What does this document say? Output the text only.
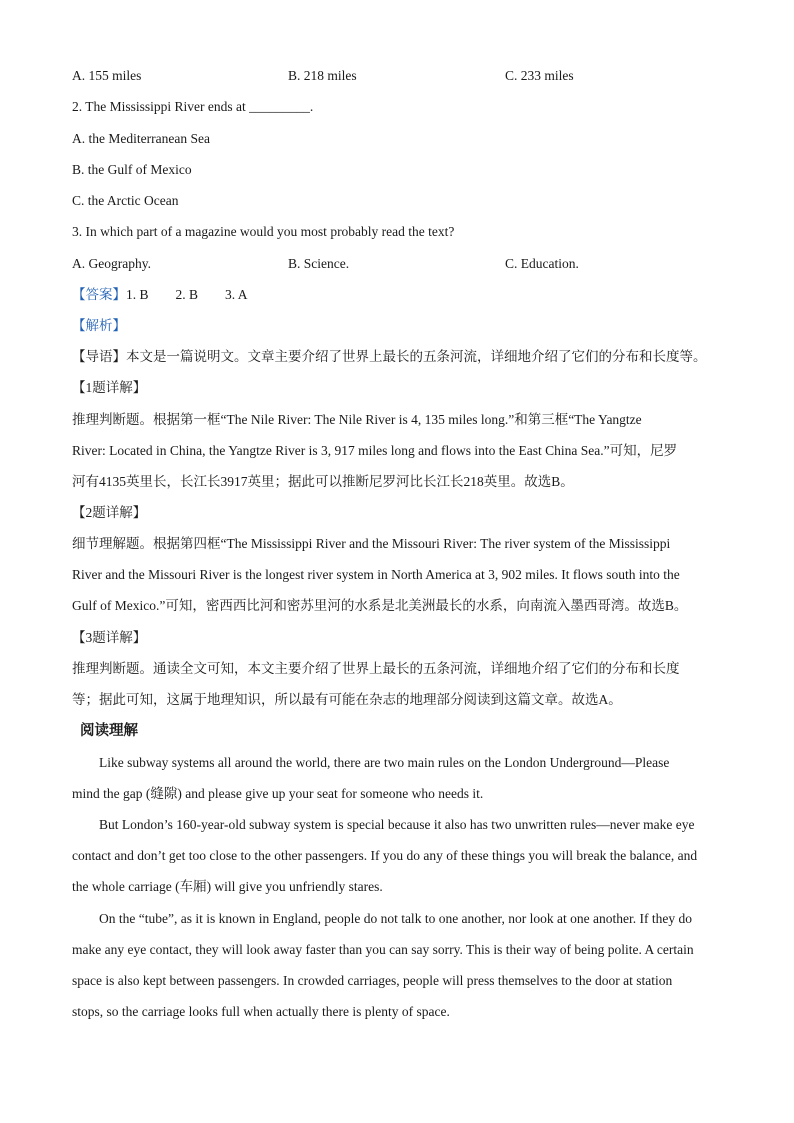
A. 155 miles	B. 218 miles	C. 233 miles
2. The Mississippi River ends at _________.
A. the Mediterranean Sea
B. the Gulf of Mexico
C. the Arctic Ocean
3. In which part of a magazine would you most probably read the text?
A. Geography.	B. Science.	C. Education.
【答案】1. B        2. B        3. A
【解析】
【导语】本文是一篇说明文。文章主要介绍了世界上最长的五条河流，详细地介绍了它们的分布和长度等。
【1题详解】
推理判断题。根据第一框“The Nile River: The Nile River is 4, 135 miles long.”和第三框“The Yangtze
River: Located in China, the Yangtze River is 3, 917 miles long and flows into the East China Sea.”可知，尼罗
河有4135英里长，长江长3917英里；据此可以推断尼罗河比长江长218英里。故选B。
【2题详解】
细节理解题。根据第四框“The Mississippi River and the Missouri River: The river system of the Mississippi
River and the Missouri River is the longest river system in North America at 3, 902 miles. It flows south into the
Gulf of Mexico.”可知，密西西比河和密苏里河的水系是北美洲最长的水系，向南流入墨西哥湾。故选B。
【3题详解】
推理判断题。通读全文可知，本文主要介绍了世界上最长的五条河流，详细地介绍了它们的分布和长度
等；据此可知，这属于地理知识，所以最有可能在杂志的地理部分阅读到这篇文章。故选A。
阅读理解
Like subway systems all around the world, there are two main rules on the London Underground—Please
mind the gap (缝隙) and please give up your seat for someone who needs it.
But London’s 160-year-old subway system is special because it also has two unwritten rules—never make eye
contact and don’t get too close to the other passengers. If you do any of these things you will break the balance, and
the whole carriage (车厢) will give you unfriendly stares.
On the “tube”, as it is known in England, people do not talk to one another, nor look at one another. If they do
make any eye contact, they will look away faster than you can say sorry. This is their way of being polite. A certain
space is also kept between passengers. In crowded carriages, people will press themselves to the door at station
stops, so the carriage looks full when actually there is plenty of space.
